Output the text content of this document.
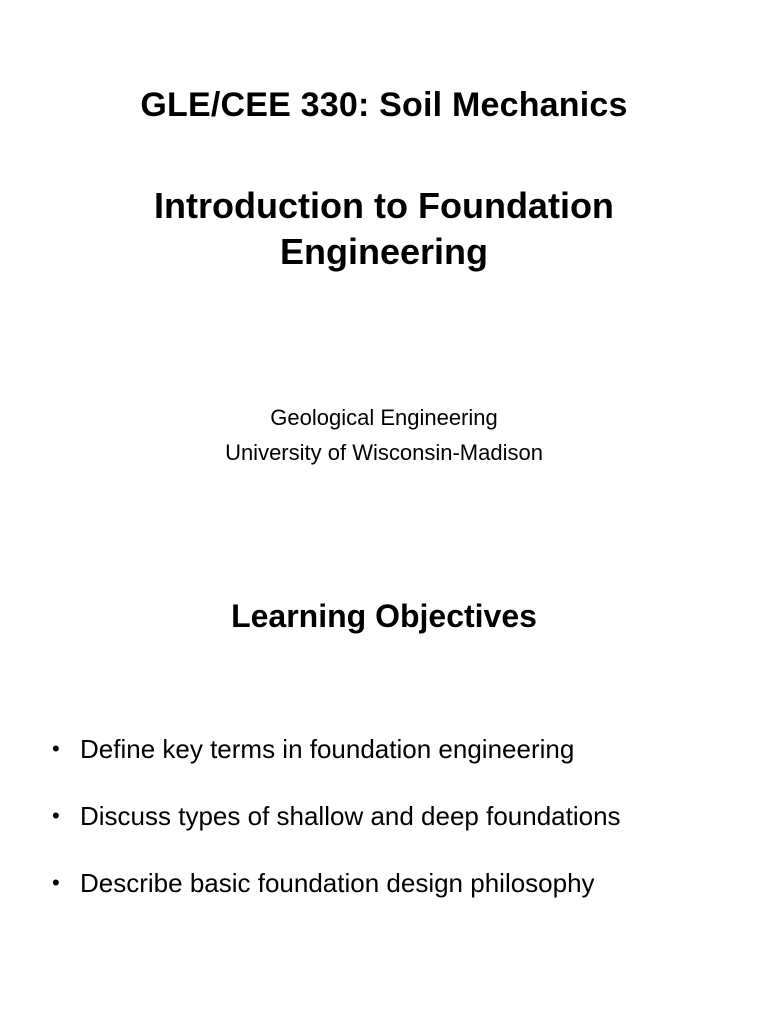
GLE/CEE 330: Soil Mechanics
Introduction to Foundation
Engineering
Geological Engineering
University of Wisconsin-Madison
Learning Objectives
• Define key terms in foundation engineering
• Discuss types of shallow and deep foundations
• Describe basic foundation design philosophy
